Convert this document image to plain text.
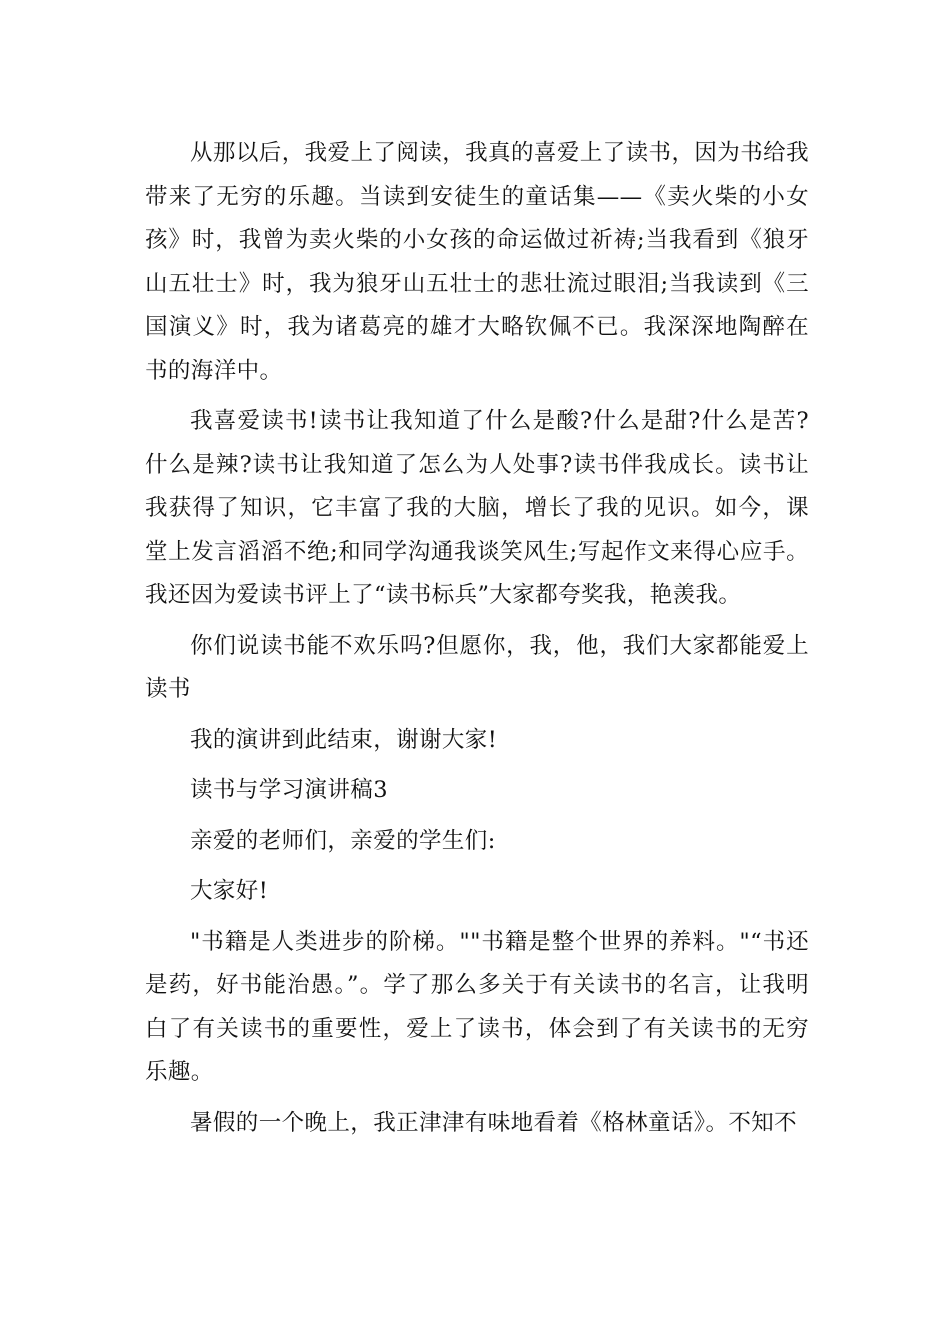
从那以后，我爱上了阅读，我真的喜爱上了读书，因为书给我带来了无穷的乐趣。当读到安徒生的童话集——《卖火柴的小女孩》时，我曾为卖火柴的小女孩的命运做过祈祷;当我看到《狼牙山五壮士》时，我为狼牙山五壮士的悲壮流过眼泪;当我读到《三国演义》时，我为诸葛亮的雄才大略钦佩不已。我深深地陶醉在书的海洋中。

我喜爱读书!读书让我知道了什么是酸?什么是甜?什么是苦?什么是辣?读书让我知道了怎么为人处事?读书伴我成长。读书让我获得了知识，它丰富了我的大脑，增长了我的见识。如今，课堂上发言滔滔不绝;和同学沟通我谈笑风生;写起作文来得心应手。我还因为爱读书评上了“读书标兵”大家都夸奖我，艳羡我。

你们说读书能不欢乐吗?但愿你，我，他，我们大家都能爱上读书

我的演讲到此结束，谢谢大家!

读书与学习演讲稿3

亲爱的老师们，亲爱的学生们:

大家好!

"书籍是人类进步的阶梯。""书籍是整个世界的养料。"“书还是药，好书能治愚。”。学了那么多关于有关读书的名言，让我明白了有关读书的重要性，爱上了读书，体会到了有关读书的无穷乐趣。

暑假的一个晚上，我正津津有味地看着《格林童话》。不知不
